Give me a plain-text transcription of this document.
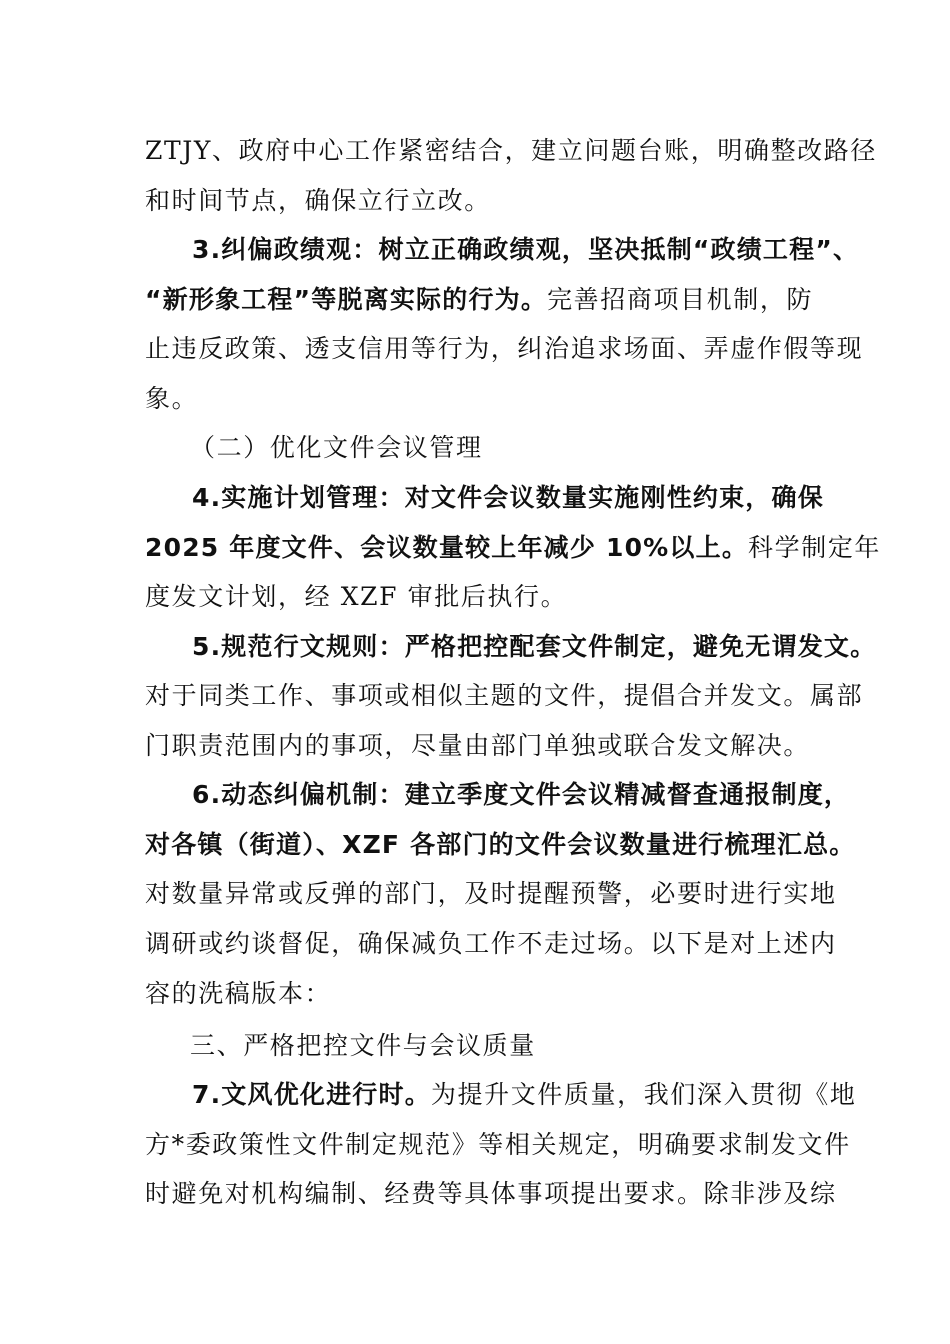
ZTJY、政府中心工作紧密结合，建立问题台账，明确整改路径
和时间节点，确保立行立改。
3.纠偏政绩观：树立正确政绩观，坚决抵制“政绩工程”、
“新形象工程”等脱离实际的行为。完善招商项目机制，防
止违反政策、透支信用等行为，纠治追求场面、弄虚作假等现
象。
（二）优化文件会议管理
4.实施计划管理：对文件会议数量实施刚性约束，确保
2025 年度文件、会议数量较上年减少 10%以上。科学制定年
度发文计划，经 XZF 审批后执行。
5.规范行文规则：严格把控配套文件制定，避免无谓发文。
对于同类工作、事项或相似主题的文件，提倡合并发文。属部
门职责范围内的事项，尽量由部门单独或联合发文解决。
6.动态纠偏机制：建立季度文件会议精减督查通报制度，
对各镇（街道）、XZF 各部门的文件会议数量进行梳理汇总。
对数量异常或反弹的部门，及时提醒预警，必要时进行实地
调研或约谈督促，确保减负工作不走过场。以下是对上述内
容的洗稿版本：
三、严格把控文件与会议质量
7.文风优化进行时。为提升文件质量，我们深入贯彻《地
方*委政策性文件制定规范》等相关规定，明确要求制发文件
时避免对机构编制、经费等具体事项提出要求。除非涉及综
